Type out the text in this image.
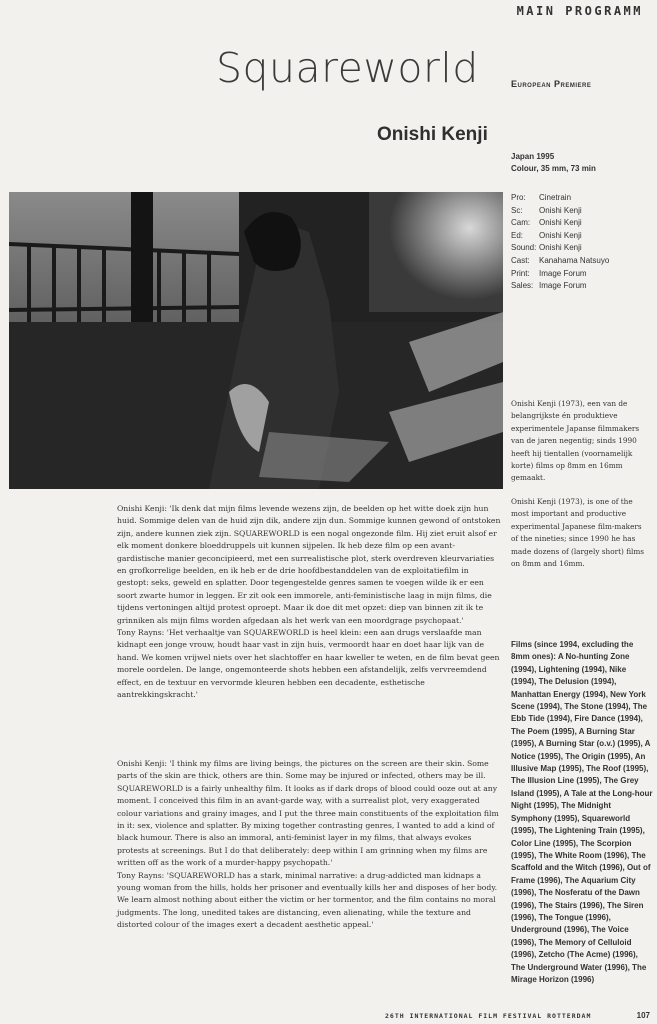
MAIN PROGRAMM
Squareworld	European Premiere
Onishi Kenji
Japan 1995
Colour, 35 mm, 73 min
Pro:	Cinetrain
Sc:	Onishi Kenji
Cam:	Onishi Kenji
Ed:	Onishi Kenji
Sound: Onishi Kenji
Cast:	Kanahama Natsuyo
Print:	Image Forum
Sales: Image Forum
Onishi Kenji (1973), een van de belangrijkste én produktieve experimentele Japanse filmmakers van de jaren negentig; sinds 1990 heeft hij tientallen (voornamelijk korte) films op 8mm en 16mm gemaakt.
Onishi Kenji (1973), is one of the most important and productive experimental Japanese film-makers of the nineties; since 1990 he has made dozens of (largely short) films on 8mm and 16mm.
Films (since 1994, excluding the 8mm ones): A No-hunting Zone (1994), Lightening (1994), Nike (1994), The Delusion (1994), Manhattan Energy (1994), New York Scene (1994), The Stone (1994), The Ebb Tide (1994), Fire Dance (1994), The Poem (1995), A Burning Star (1995), A Burning Star (o.v.) (1995), A Notice (1995), The Origin (1995), An Illusive Map (1995), The Roof (1995), The Illusion Line (1995), The Grey Island (1995), A Tale at the Long-hour Night (1995), The Midnight Symphony (1995), Squareworld (1995), The Lightening Train (1995), Color Line (1995), The Scorpion (1995), The White Room (1996), The Scaffold and the Witch (1996), Out of Frame (1996), The Aquarium City (1996), The Nosferatu of the Dawn (1996), The Stairs (1996), The Siren (1996), The Tongue (1996), Underground (1996), The Voice (1996), The Memory of Celluloid (1996), Zetcho (The Acme) (1996), The Underground Water (1996), The Mirage Horizon (1996)

Onishi Kenji: 'Ik denk dat mijn films levende wezens zijn, de beelden op het witte doek zijn hun huid. Sommige delen van de huid zijn dik, andere zijn dun. Sommige kunnen gewond of ontstoken zijn, andere kunnen ziek zijn. SQUAREWORLD is een nogal ongezonde film. Hij ziet eruit alsof er elk moment donkere bloeddruppels uit kunnen sijpelen. Ik heb deze film op een avant-gardistische manier geconcipieerd, met een surrealistische plot, sterk overdreven kleurvariaties en grofkorrelige beelden, en ik heb er de drie hoofdbestanddelen van de exploitatiefilm in gestopt: seks, geweld en splatter. Door tegengestelde genres samen te voegen wilde ik er een soort zwarte humor in leggen. Er zit ook een immorele, anti-feministische laag in mijn films, die tijdens vertoningen altijd protest oproept. Maar ik doe dit met opzet: diep van binnen zit ik te grinniken als mijn films worden afgedaan als het werk van een moordgrage psychopaat.'

Tony Rayns: 'Het verhaaltje van SQUAREWORLD is heel klein: een aan drugs verslaafde man kidnapt een jonge vrouw, houdt haar vast in zijn huis, vermoordt haar en doet haar lijk van de hand. We komen vrijwel niets over het slachtoffer en haar kweller te weten, en de film bevat geen morele oordelen. De lange, ongemonteerde shots hebben een afstandelijk, zelfs vervreemdend effect, en de textuur en vervormde kleuren hebben een decadente, esthetische aantrekkingskracht.'

Onishi Kenji: 'I think my films are living beings, the pictures on the screen are their skin. Some parts of the skin are thick, others are thin. Some may be injured or infected, others may be ill. SQUAREWORLD is a fairly unhealthy film. It looks as if dark drops of blood could ooze out at any moment. I conceived this film in an avant-garde way, with a surrealist plot, very exaggerated colour variations and grainy images, and I put the three main constituents of the exploitation film in it: sex, violence and splatter. By mixing together contrasting genres, I wanted to add a kind of black humour. There is also an immoral, anti-feminist layer in my films, that always evokes protests at screenings. But I do that deliberately: deep within I am grinning when my films are written off as the work of a murder-happy psychopath.'

Tony Rayns: 'SQUAREWORLD has a stark, minimal narrative: a drug-addicted man kidnaps a young woman from the hills, holds her prisoner and eventually kills her and disposes of her body. We learn almost nothing about either the victim or her tormentor, and the film contains no moral judgments. The long, unedited takes are distancing, even alienating, while the texture and distorted colour of the images exert a decadent aesthetic appeal.'

26TH INTERNATIONAL FILM FESTIVAL ROTTERDAM	107
